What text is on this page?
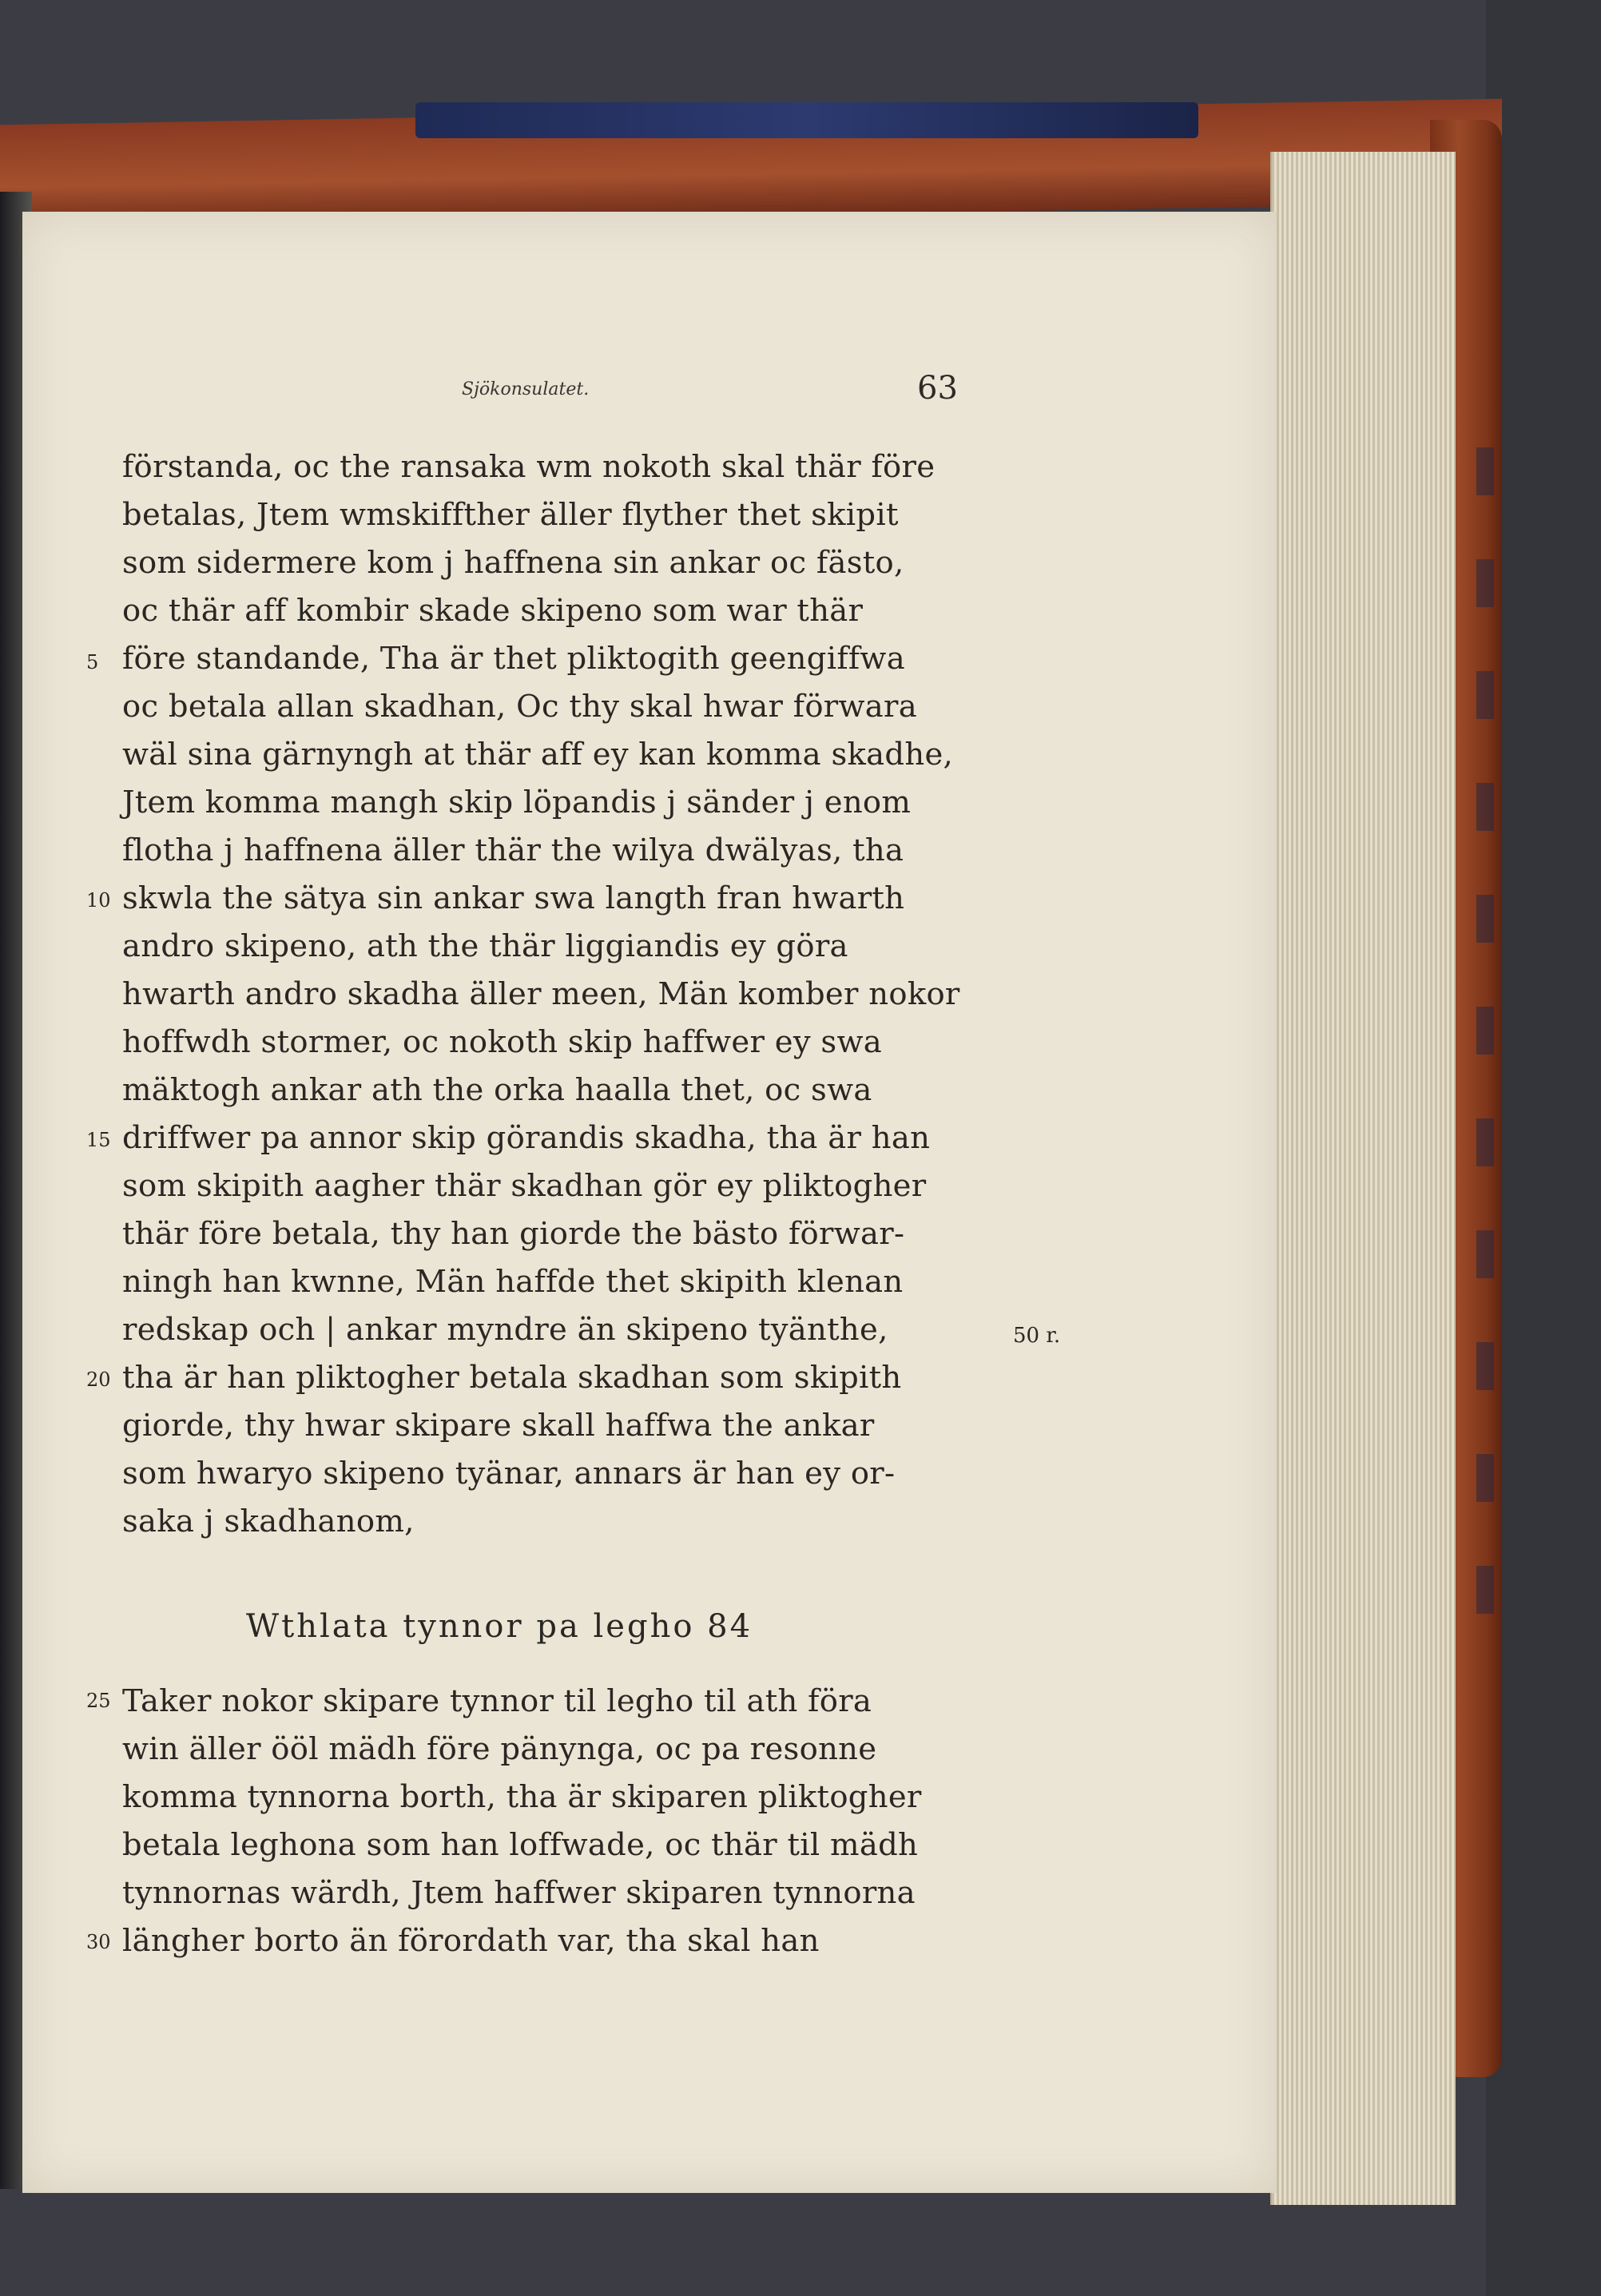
Sjökonsulatet.	63
förstanda, oc the ransaka wm nokoth skal thär före
betalas, Jtem wmskiffther äller flyther thet skipit
som sidermere kom j haffnena sin ankar oc fästo,
oc thär aff kombir skade skipeno som war thär
5 före standande, Tha är thet pliktogith geengiffwa
oc betala allan skadhan, Oc thy skal hwar förwara
wäl sina gärnyngh at thär aff ey kan komma skadhe,
Jtem komma mangh skip löpandis j sänder j enom
flotha j haffnena äller thär the wilya dwälyas, tha
10 skwla the sätya sin ankar swa langth fran hwarth
andro skipeno, ath the thär liggiandis ey göra
hwarth andro skadha äller meen, Män komber nokor
hoffwdh stormer, oc nokoth skip haffwer ey swa
mäktogh ankar ath the orka haalla thet, oc swa
15 driffwer pa annor skip görandis skadha, tha är han
som skipith aagher thär skadhan gör ey pliktogher
thär före betala, thy han giorde the bästo förwar-
ningh han kwnne, Män haffde thet skipith klenan
redskap och | ankar myndre än skipeno tyänthe,	50 r.
20 tha är han pliktogher betala skadhan som skipith
giorde, thy hwar skipare skall haffwa the ankar
som hwaryo skipeno tyänar, annars är han ey or-
saka j skadhanom,
Wthlata tynnor pa legho 84
25 Taker nokor skipare tynnor til legho til ath föra
win äller ööl mädh före pänynga, oc pa resonne
komma tynnorna borth, tha är skiparen pliktogher
betala leghona som han loffwade, oc thär til mädh
tynnornas wärdh, Jtem haffwer skiparen tynnorna
30 längher borto än förordath var, tha skal han
